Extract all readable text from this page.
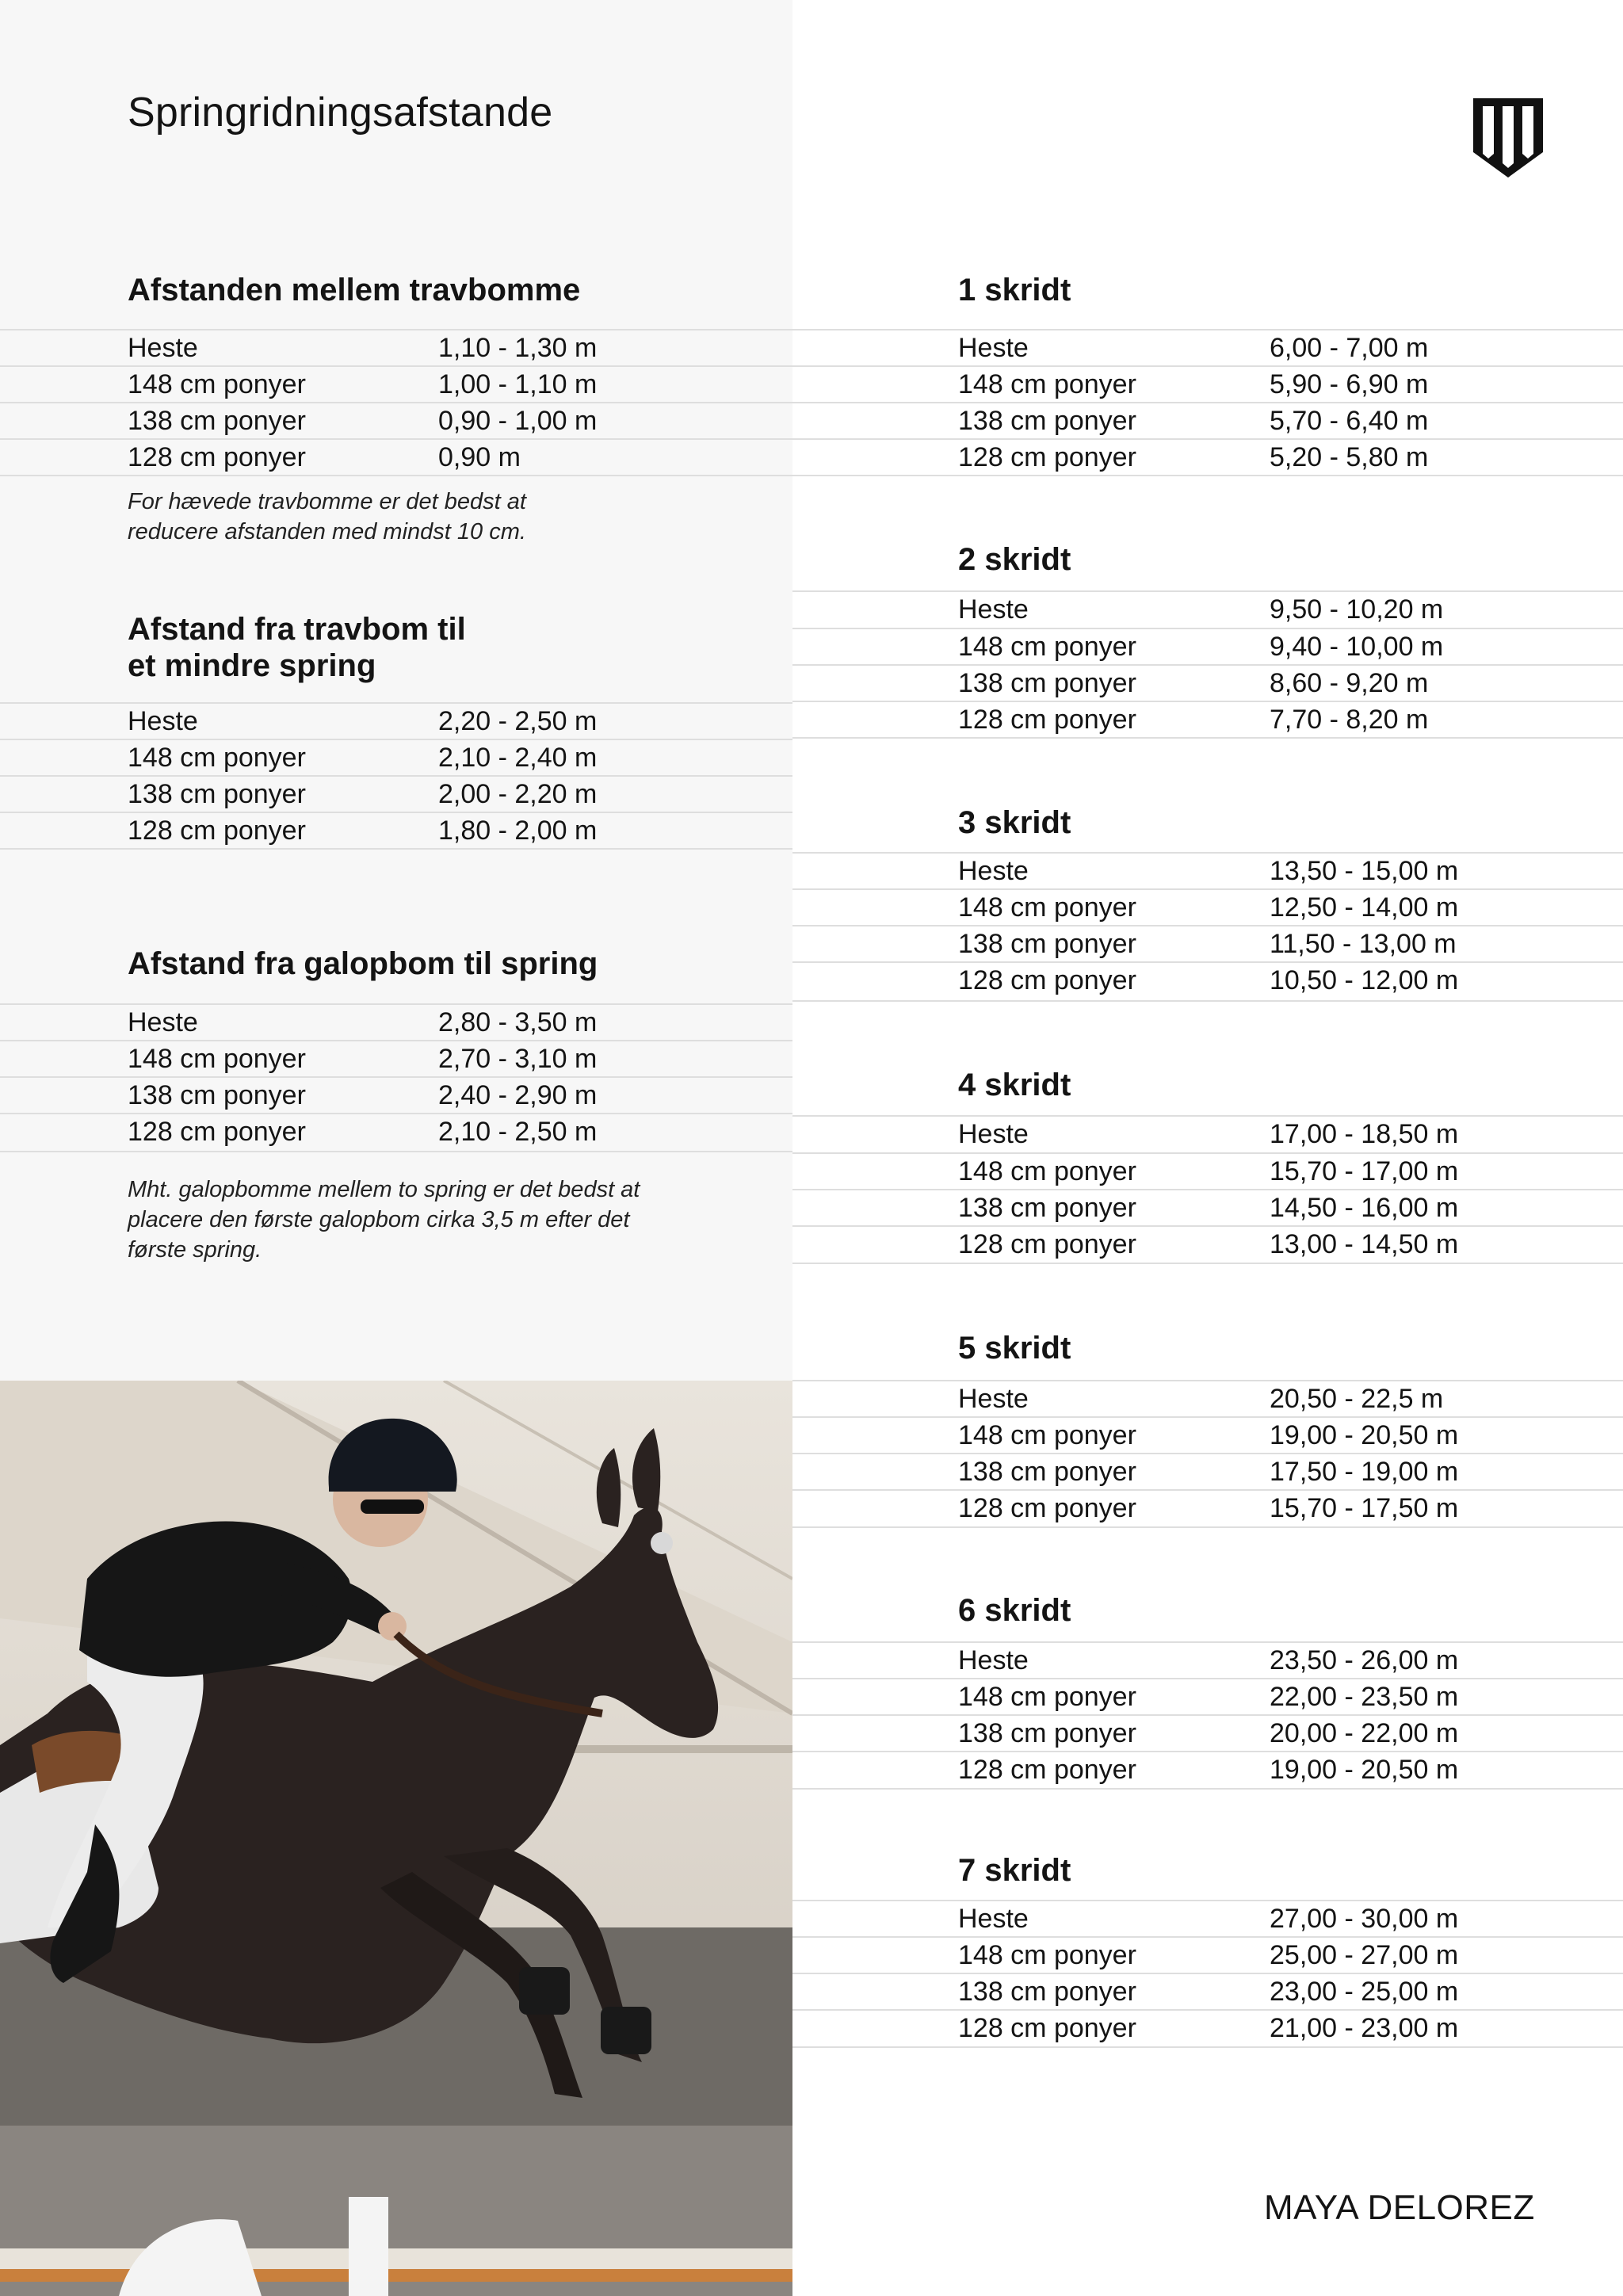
Springridningsafstande
Afstanden mellem travbomme
Heste	1,10 - 1,30 m
148 cm ponyer	1,00 - 1,10 m
138 cm ponyer	0,90 - 1,00 m
128 cm ponyer	0,90 m

For hævede travbomme er det bedst at
reducere afstanden med mindst 10 cm.

Afstand fra travbom til
et mindre spring
Heste	2,20 - 2,50 m
148 cm ponyer	2,10 - 2,40 m
138 cm ponyer	2,00 - 2,20 m
128 cm ponyer	1,80 - 2,00 m
Afstand fra galopbom til spring
Heste	2,80 - 3,50 m
148 cm ponyer	2,70 - 3,10 m
138 cm ponyer	2,40 - 2,90 m
128 cm ponyer	2,10 - 2,50 m

Mht. galopbomme mellem to spring er det bedst at
placere den første galopbom cirka 3,5 m efter det
første spring.

1 skridt
Heste	6,00 - 7,00 m
148 cm ponyer	5,90 - 6,90 m
138 cm ponyer	5,70 - 6,40 m
128 cm ponyer	5,20 - 5,80 m
2 skridt
Heste	9,50 - 10,20 m
148 cm ponyer	9,40 - 10,00 m
138 cm ponyer	8,60 - 9,20 m
128 cm ponyer	7,70 - 8,20 m
3 skridt
Heste	13,50 - 15,00 m
148 cm ponyer	12,50 - 14,00 m
138 cm ponyer	11,50 - 13,00 m
128 cm ponyer	10,50 - 12,00 m
4 skridt
Heste	17,00 - 18,50 m
148 cm ponyer	15,70 - 17,00 m
138 cm ponyer	14,50 - 16,00 m
128 cm ponyer	13,00 - 14,50 m
5 skridt
Heste	20,50 - 22,5 m
148 cm ponyer	19,00 - 20,50 m
138 cm ponyer	17,50 - 19,00 m
128 cm ponyer	15,70 - 17,50 m
6 skridt
Heste	23,50 - 26,00 m
148 cm ponyer	22,00 - 23,50 m
138 cm ponyer	20,00 - 22,00 m
128 cm ponyer	19,00 - 20,50 m
7 skridt
Heste	27,00 - 30,00 m
148 cm ponyer	25,00 - 27,00 m
138 cm ponyer	23,00 - 25,00 m
128 cm ponyer	21,00 - 23,00 m
MAYA DELOREZ
